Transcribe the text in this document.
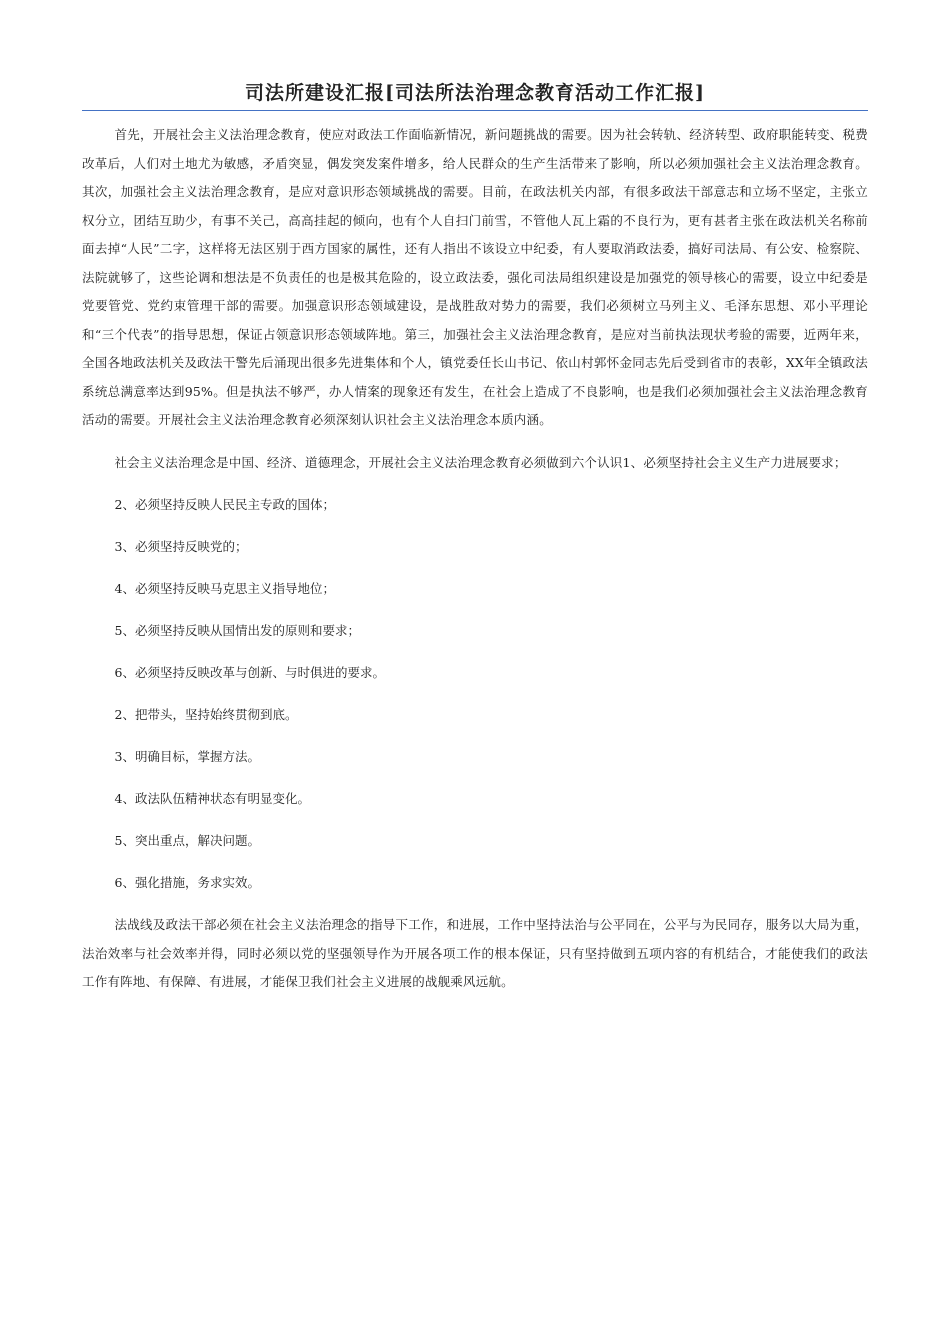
司法所建设汇报[司法所法治理念教育活动工作汇报]

首先，开展社会主义法治理念教育，使应对政法工作面临新情况，新问题挑战的需要。因为社会转轨、经济转型、政府职能转变、税费改革后，人们对土地尤为敏感，矛盾突显，偶发突发案件增多，给人民群众的生产生活带来了影响，所以必须加强社会主义法治理念教育。其次，加强社会主义法治理念教育，是应对意识形态领域挑战的需要。目前，在政法机关内部，有很多政法干部意志和立场不坚定，主张立权分立，团结互助少，有事不关己，高高挂起的倾向，也有个人自扫门前雪，不管他人瓦上霜的不良行为，更有甚者主张在政法机关名称前面去掉“人民”二字，这样将无法区别于西方国家的属性，还有人指出不该设立中纪委，有人要取消政法委，搞好司法局、有公安、检察院、法院就够了，这些论调和想法是不负责任的也是极其危险的，设立政法委，强化司法局组织建设是加强党的领导核心的需要，设立中纪委是党要管党、党约束管理干部的需要。加强意识形态领域建设，是战胜敌对势力的需要，我们必须树立马列主义、毛泽东思想、邓小平理论和“三个代表”的指导思想，保证占领意识形态领域阵地。第三，加强社会主义法治理念教育，是应对当前执法现状考验的需要，近两年来，全国各地政法机关及政法干警先后涌现出很多先进集体和个人，镇党委任长山书记、依山村郭怀金同志先后受到省市的表彰，XX年全镇政法系统总满意率达到95%。但是执法不够严，办人情案的现象还有发生，在社会上造成了不良影响，也是我们必须加强社会主义法治理念教育活动的需要。开展社会主义法治理念教育必须深刻认识社会主义法治理念本质内涵。

社会主义法治理念是中国、经济、道德理念，开展社会主义法治理念教育必须做到六个认识1、必须坚持社会主义生产力进展要求；

2、必须坚持反映人民民主专政的国体；

3、必须坚持反映党的；

4、必须坚持反映马克思主义指导地位；

5、必须坚持反映从国情出发的原则和要求；

6、必须坚持反映改革与创新、与时俱进的要求。

2、把带头，坚持始终贯彻到底。

3、明确目标，掌握方法。

4、政法队伍精神状态有明显变化。

5、突出重点，解决问题。

6、强化措施，务求实效。

法战线及政法干部必须在社会主义法治理念的指导下工作，和进展，工作中坚持法治与公平同在，公平与为民同存，服务以大局为重，法治效率与社会效率并得，同时必须以党的坚强领导作为开展各项工作的根本保证，只有坚持做到五项内容的有机结合，才能使我们的政法工作有阵地、有保障、有进展，才能保卫我们社会主义进展的战舰乘风远航。
